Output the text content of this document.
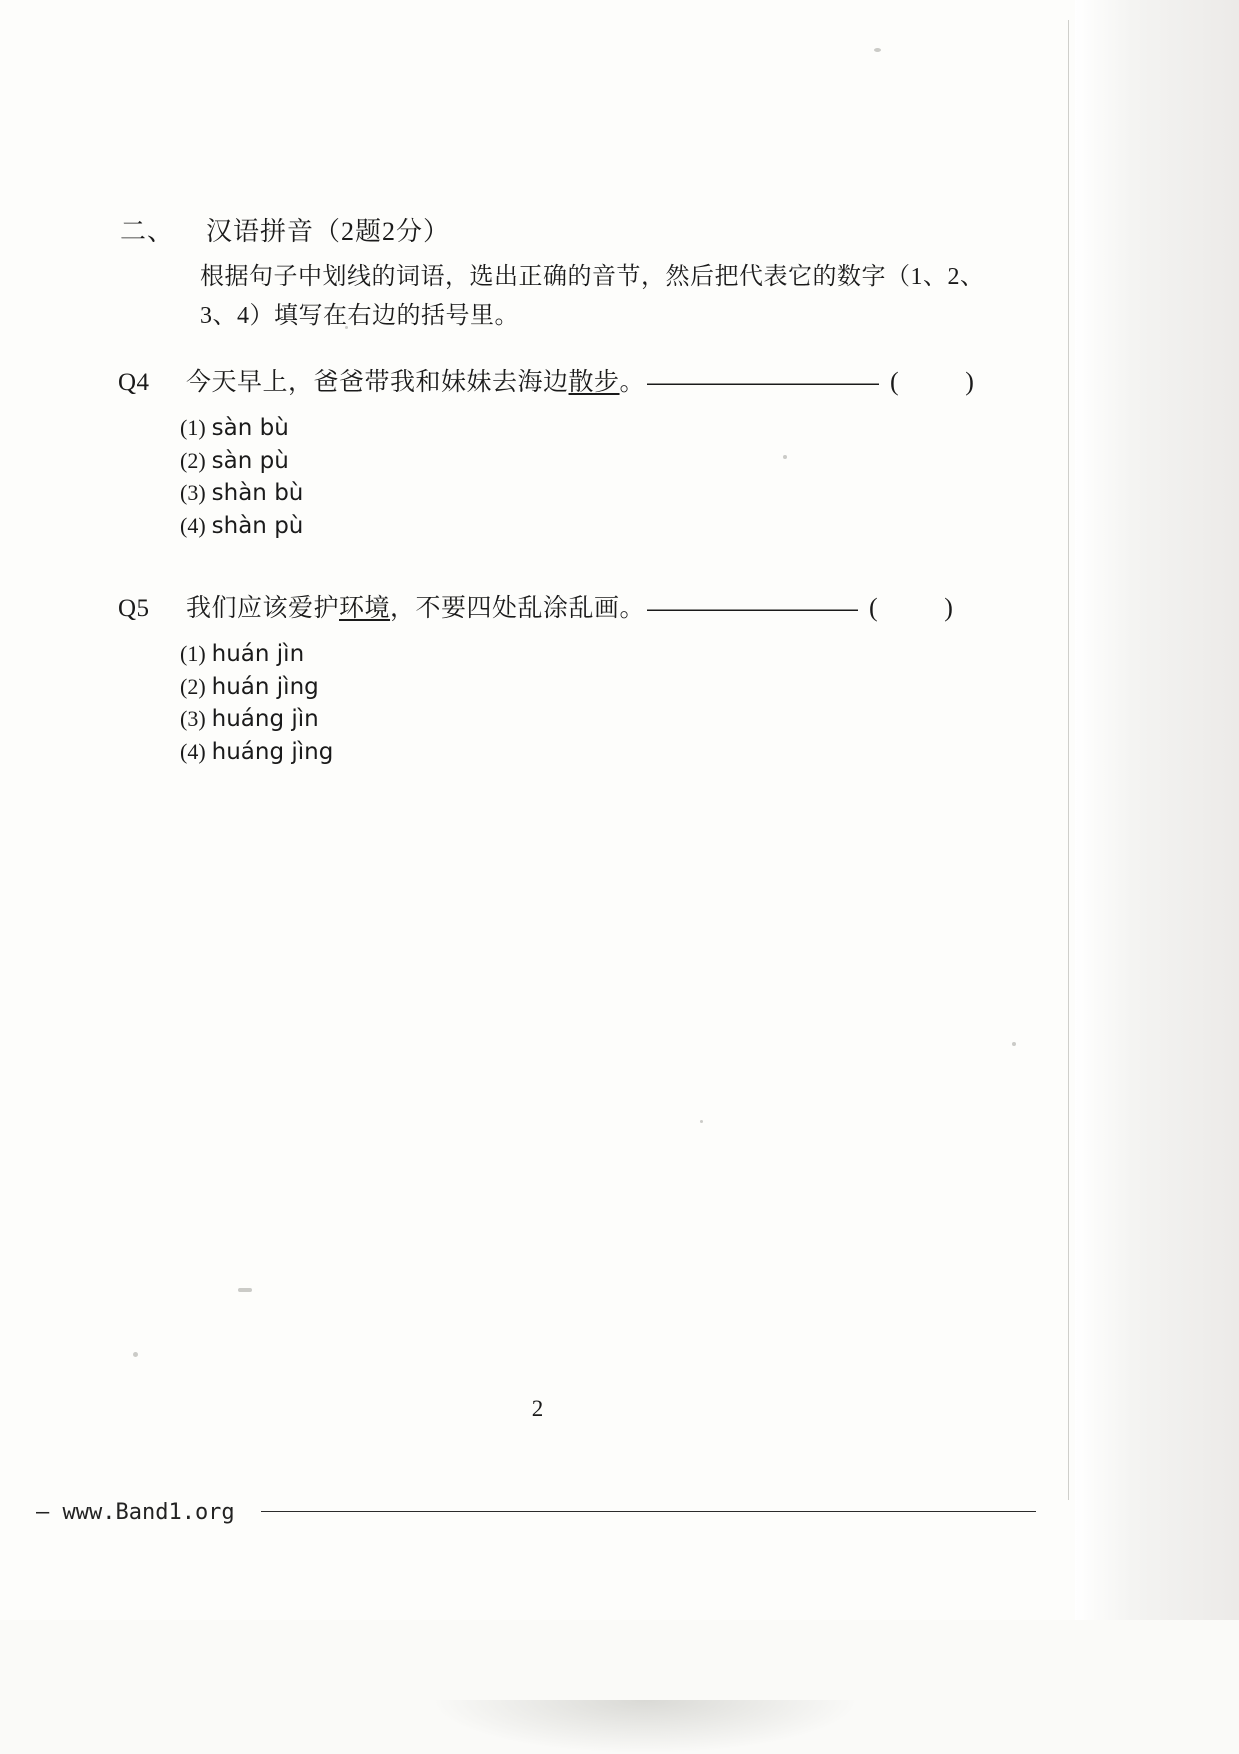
二、 汉语拼音（2题2分）
根据句子中划线的词语，选出正确的音节，然后把代表它的数字（1、2、3、4）填写在右边的括号里。
Q4	今天早上，爸爸带我和妹妹去海边散步。 ——————————— ( )
(1) sàn bù
(2) sàn pù
(3) shàn bù
(4) shàn pù
Q5	我们应该爱护环境，不要四处乱涂乱画。 —————————— ( )
(1) huán jìn
(2) huán jìng
(3) huáng jìn
(4) huáng jìng
2
– www.Band1.org
